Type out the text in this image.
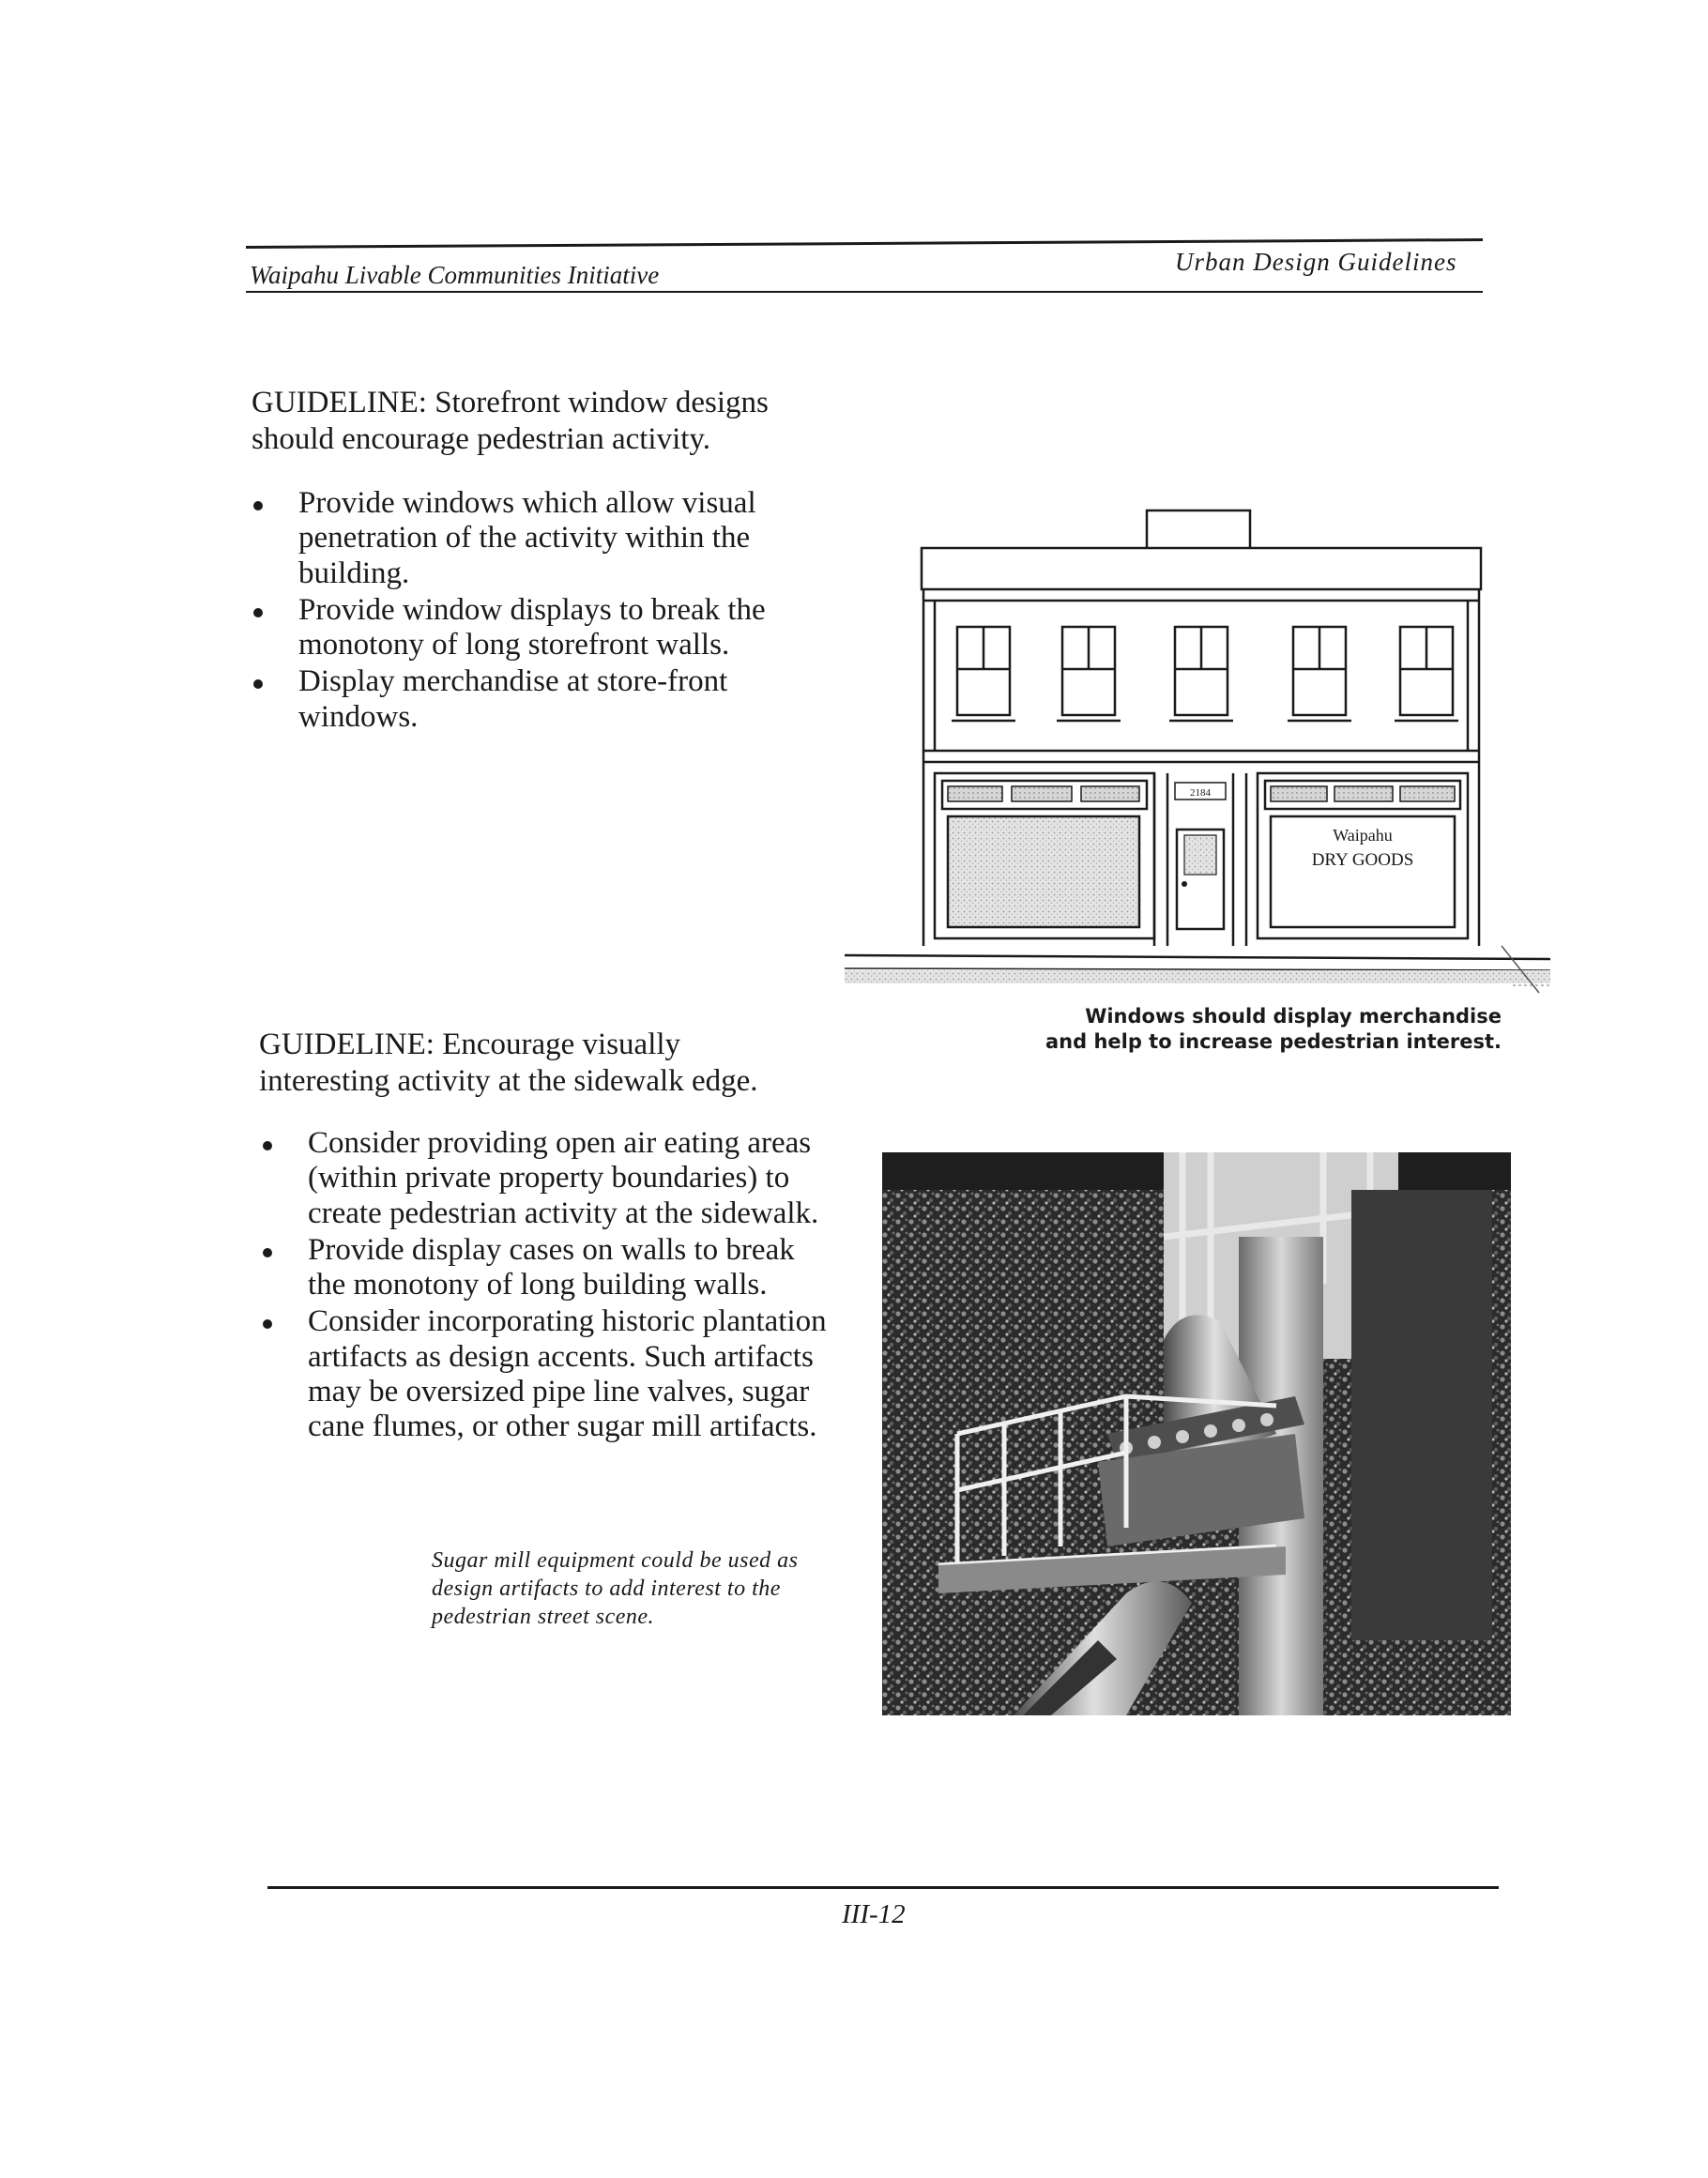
Waipahu Livable Communities Initiative	Urban Design Guidelines
GUIDELINE: Storefront window designs should encourage pedestrian activity.
Provide windows which allow visual penetration of the activity within the building.
Provide window displays to break the monotony of long storefront walls.
Display merchandise at store-front windows.
2184
Waipahu
DRY GOODS
Windows should display merchandise
and help to increase pedestrian interest.
GUIDELINE: Encourage visually interesting activity at the sidewalk edge.
Consider providing open air eating areas (within private property boundaries) to create pedestrian activity at the sidewalk.
Provide display cases on walls to break the monotony of long building walls.
Consider incorporating historic plantation artifacts as design accents. Such artifacts may be oversized pipe line valves, sugar cane flumes, or other sugar mill artifacts.
Sugar mill equipment could be used as design artifacts to add interest to the pedestrian street scene.
III-12
